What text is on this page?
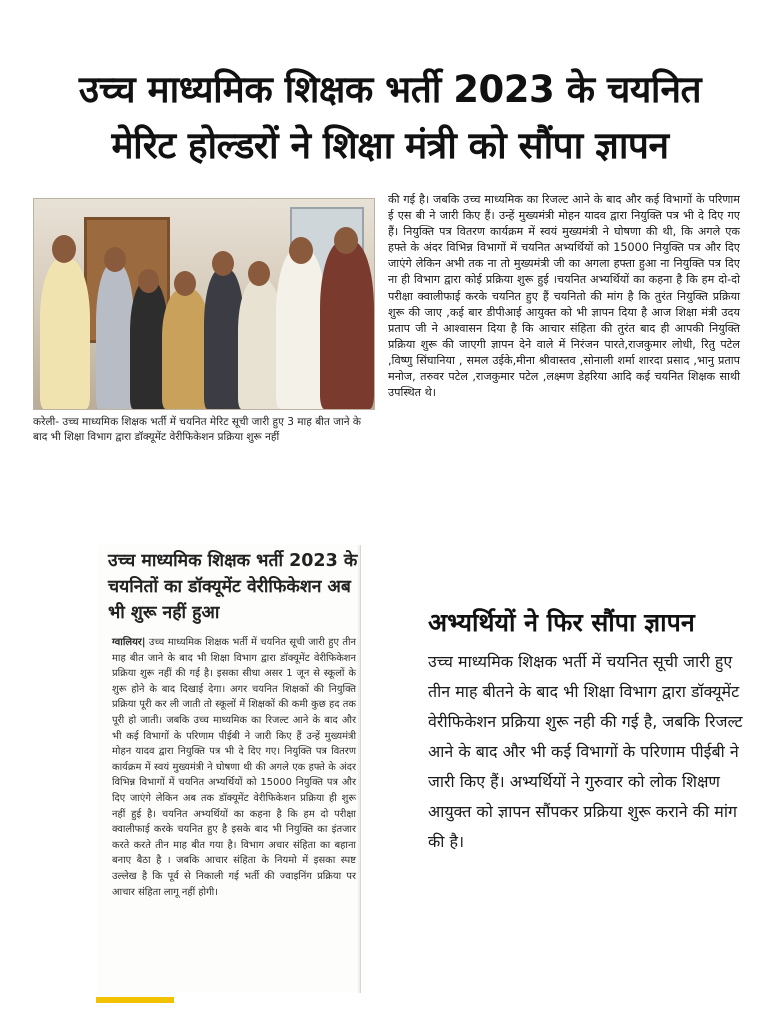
उच्च माध्यमिक शिक्षक भर्ती 2023 के चयनित
मेरिट होल्डरों ने शिक्षा मंत्री को सौंपा ज्ञापन
करेली- उच्च माध्यमिक शिक्षक भर्ती में चयनित मेरिट सूची जारी हुए 3 माह बीत जाने के बाद भी शिक्षा विभाग द्वारा डॉक्यूमेंट वेरीफिकेशन प्रक्रिया शुरू नहीं
की गई है। जबकि उच्च माध्यमिक का रिजल्ट आने के बाद और कई विभागों के परिणाम ई एस बी ने जारी किए हैं। उन्हें मुख्यमंत्री मोहन यादव द्वारा नियुक्ति पत्र भी दे दिए गए हैं। नियुक्ति पत्र वितरण कार्यक्रम में स्वयं मुख्यमंत्री ने घोषणा की थी, कि अगले एक हफ्ते के अंदर विभिन्न विभागों में चयनित अभ्यर्थियों को 15000 नियुक्ति पत्र और दिए जाएंगे लेकिन अभी तक ना तो मुख्यमंत्री जी का अगला हफ्ता हुआ ना नियुक्ति पत्र दिए ना ही विभाग द्वारा कोई प्रक्रिया शुरू हुई ।चयनित अभ्यर्थियों का कहना है कि हम दो-दो परीक्षा क्वालीफाई करके चयनित हुए हैं चयनितो की मांग है कि तुरंत नियुक्ति प्रक्रिया शुरू की जाए ,कई बार डीपीआई आयुक्त को भी ज्ञापन दिया है आज शिक्षा मंत्री उदय प्रताप जी ने आश्वासन दिया है कि आचार संहिता की तुरंत बाद ही आपकी नियुक्ति प्रक्रिया शुरू की जाएगी ज्ञापन देने वाले में निरंजन पारते,राजकुमार लोधी, रितु पटेल ,विष्णु सिंघानिया , समल उईके,मीना श्रीवास्तव ,सोनाली शर्मा शारदा प्रसाद ,भानु प्रताप मनोज, तरुवर पटेल ,राजकुमार पटेल ,लक्ष्मण डेहरिया आदि कई चयनित शिक्षक साथी उपस्थित थे।
उच्च माध्यमिक शिक्षक भर्ती 2023 के चयनितों का डॉक्यूमेंट वेरीफिकेशन अब भी शुरू नहीं हुआ
ग्वालियर| उच्च माध्यमिक शिक्षक भर्ती में चयनित सूची जारी हुए तीन माह बीत जाने के बाद भी शिक्षा विभाग द्वारा डॉक्यूमेंट वेरीफिकेशन प्रक्रिया शुरू नहीं की गई है। इसका सीधा असर 1 जून से स्कूलों के शुरू होने के बाद दिखाई देगा। अगर चयनित शिक्षकों की नियुक्ति प्रक्रिया पूरी कर ली जाती तो स्कूलों में शिक्षकों की कमी कुछ हद तक पूरी हो जाती। जबकि उच्च माध्यमिक का रिजल्ट आने के बाद और भी कई विभागों के परिणाम पीईबी ने जारी किए हैं उन्हें मुख्यमंत्री मोहन यादव द्वारा नियुक्ति पत्र भी दे दिए गए। नियुक्ति पत्र वितरण कार्यक्रम में स्वयं मुख्यमंत्री ने घोषणा थी की अगले एक हफ्ते के अंदर विभिन्न विभागों में चयनित अभ्यर्थियों को 15000 नियुक्ति पत्र और दिए जाएंगे लेकिन अब तक डॉक्यूमेंट वेरीफिकेशन प्रक्रिया ही शुरू नहीं हुई है। चयनित अभ्यर्थियों का कहना है कि हम दो परीक्षा क्वालीफाई करके चयनित हुए है इसके बाद भी नियुक्ति का इंतजार करते करते तीन माह बीत गया है। विभाग अचार संहिता का बहाना बनाए बैठा है । जबकि आचार संहिता के नियमो में इसका स्पष्ट उल्लेख है कि पूर्व से निकाली गई भर्ती की ज्वाइनिंग प्रक्रिया पर आचार संहिता लागू नहीं होगी।
अभ्यर्थियों ने फिर सौंपा ज्ञापन
उच्च माध्यमिक शिक्षक भर्ती में चयनित सूची जारी हुए तीन माह बीतने के बाद भी शिक्षा विभाग द्वारा डॉक्यूमेंट वेरीफिकेशन प्रक्रिया शुरू नही की गई है, जबकि रिजल्ट आने के बाद और भी कई विभागों के परिणाम पीईबी ने जारी किए हैं। अभ्यर्थियों ने गुरुवार को लोक शिक्षण आयुक्त को ज्ञापन सौंपकर प्रक्रिया शुरू कराने की मांग की है।
